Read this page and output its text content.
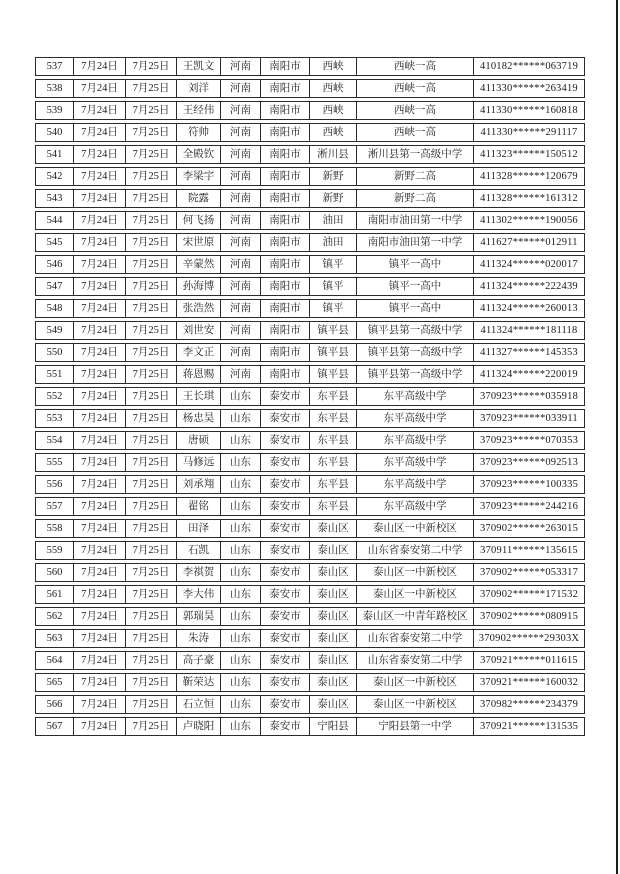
537	7月24日	7月25日	王凯文	河南	南阳市	西峡	西峡一高	410182******063719
538	7月24日	7月25日	刘洋	河南	南阳市	西峡	西峡一高	411330******263419
539	7月24日	7月25日	王经伟	河南	南阳市	西峡	西峡一高	411330******160818
540	7月24日	7月25日	符帅	河南	南阳市	西峡	西峡一高	411330******291117
541	7月24日	7月25日	全殿钦	河南	南阳市	淅川县	淅川县第一高级中学	411323******150512
542	7月24日	7月25日	李梁宇	河南	南阳市	新野	新野二高	411328******120679
543	7月24日	7月25日	院露	河南	南阳市	新野	新野二高	411328******161312
544	7月24日	7月25日	何飞扬	河南	南阳市	油田	南阳市油田第一中学	411302******190056
545	7月24日	7月25日	宋世原	河南	南阳市	油田	南阳市油田第一中学	411627******012911
546	7月24日	7月25日	辛蒙然	河南	南阳市	镇平	镇平一高中	411324******020017
547	7月24日	7月25日	孙海博	河南	南阳市	镇平	镇平一高中	411324******222439
548	7月24日	7月25日	张浩然	河南	南阳市	镇平	镇平一高中	411324******260013
549	7月24日	7月25日	刘世安	河南	南阳市	镇平县	镇平县第一高级中学	411324******181118
550	7月24日	7月25日	李文正	河南	南阳市	镇平县	镇平县第一高级中学	411327******145353
551	7月24日	7月25日	蒋恩赐	河南	南阳市	镇平县	镇平县第一高级中学	411324******220019
552	7月24日	7月25日	王长琪	山东	泰安市	东平县	东平高级中学	370923******035918
553	7月24日	7月25日	杨忠昊	山东	泰安市	东平县	东平高级中学	370923******033911
554	7月24日	7月25日	唐硕	山东	泰安市	东平县	东平高级中学	370923******070353
555	7月24日	7月25日	马修远	山东	泰安市	东平县	东平高级中学	370923******092513
556	7月24日	7月25日	刘承翔	山东	泰安市	东平县	东平高级中学	370923******100335
557	7月24日	7月25日	翟铭	山东	泰安市	东平县	东平高级中学	370923******244216
558	7月24日	7月25日	田泽	山东	泰安市	泰山区	泰山区一中新校区	370902******263015
559	7月24日	7月25日	石凯	山东	泰安市	泰山区	山东省泰安第二中学	370911******135615
560	7月24日	7月25日	李祺贺	山东	泰安市	泰山区	泰山区一中新校区	370902******053317
561	7月24日	7月25日	李大伟	山东	泰安市	泰山区	泰山区一中新校区	370902******171532
562	7月24日	7月25日	郭瑞昊	山东	泰安市	泰山区	泰山区一中青年路校区	370902******080915
563	7月24日	7月25日	朱涛	山东	泰安市	泰山区	山东省泰安第二中学	370902******29303X
564	7月24日	7月25日	高子豪	山东	泰安市	泰山区	山东省泰安第二中学	370921******011615
565	7月24日	7月25日	靳荣达	山东	泰安市	泰山区	泰山区一中新校区	370921******160032
566	7月24日	7月25日	石立恒	山东	泰安市	泰山区	泰山区一中新校区	370982******234379
567	7月24日	7月25日	卢晓阳	山东	泰安市	宁阳县	宁阳县第一中学	370921******131535
